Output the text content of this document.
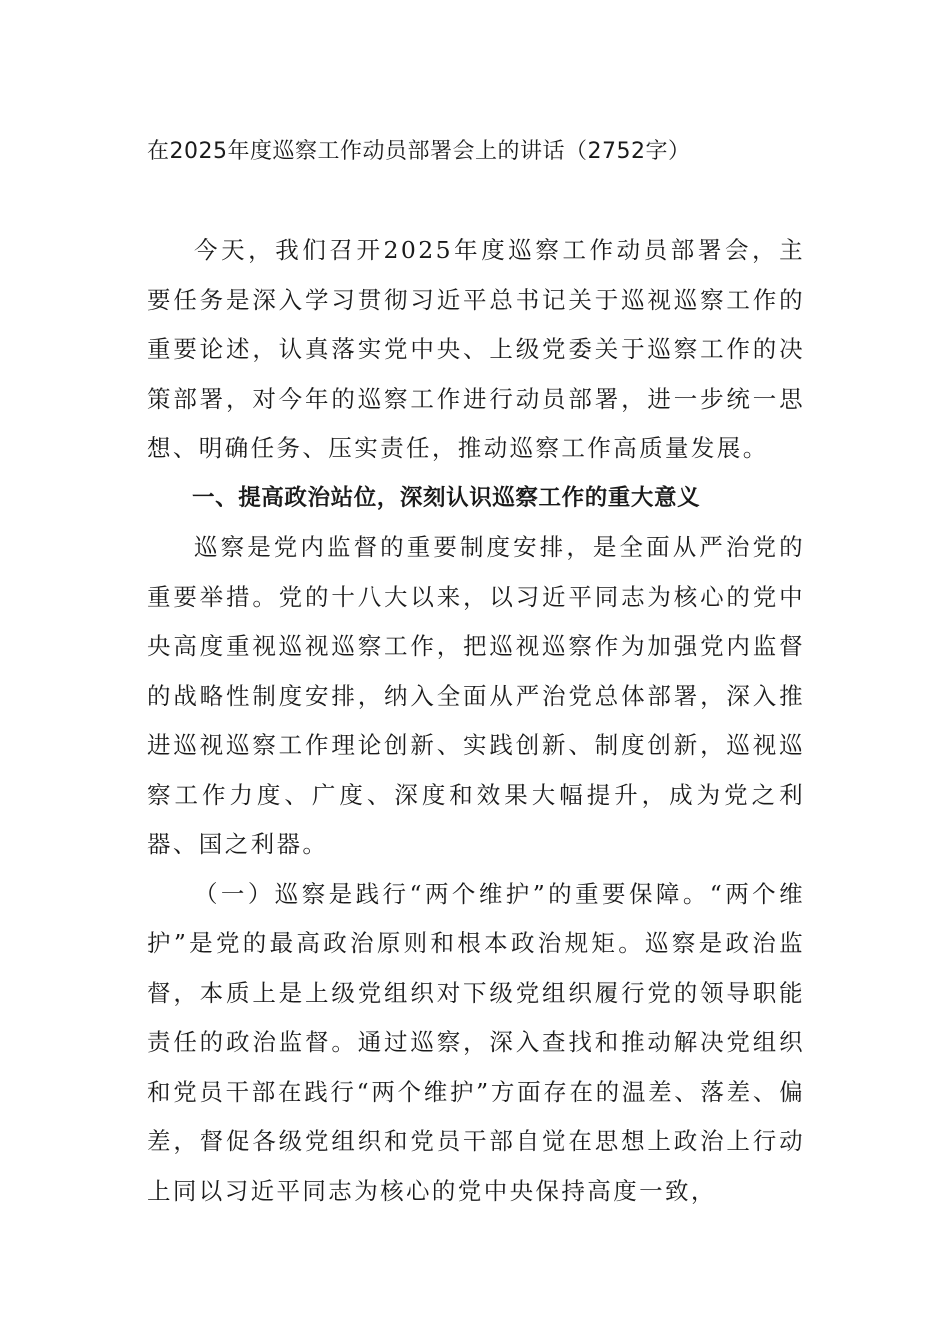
在2025年度巡察工作动员部署会上的讲话（2752字）

今天，我们召开2025年度巡察工作动员部署会，主要任务是深入学习贯彻习近平总书记关于巡视巡察工作的重要论述，认真落实党中央、上级党委关于巡察工作的决策部署，对今年的巡察工作进行动员部署，进一步统一思想、明确任务、压实责任，推动巡察工作高质量发展。

一、提高政治站位，深刻认识巡察工作的重大意义

巡察是党内监督的重要制度安排，是全面从严治党的重要举措。党的十八大以来，以习近平同志为核心的党中央高度重视巡视巡察工作，把巡视巡察作为加强党内监督的战略性制度安排，纳入全面从严治党总体部署，深入推进巡视巡察工作理论创新、实践创新、制度创新，巡视巡察工作力度、广度、深度和效果大幅提升，成为党之利器、国之利器。

（一）巡察是践行“两个维护”的重要保障。“两个维护”是党的最高政治原则和根本政治规矩。巡察是政治监督，本质上是上级党组织对下级党组织履行党的领导职能责任的政治监督。通过巡察，深入查找和推动解决党组织和党员干部在践行“两个维护”方面存在的温差、落差、偏差，督促各级党组织和党员干部自觉在思想上政治上行动上同以习近平同志为核心的党中央保持高度一致，
